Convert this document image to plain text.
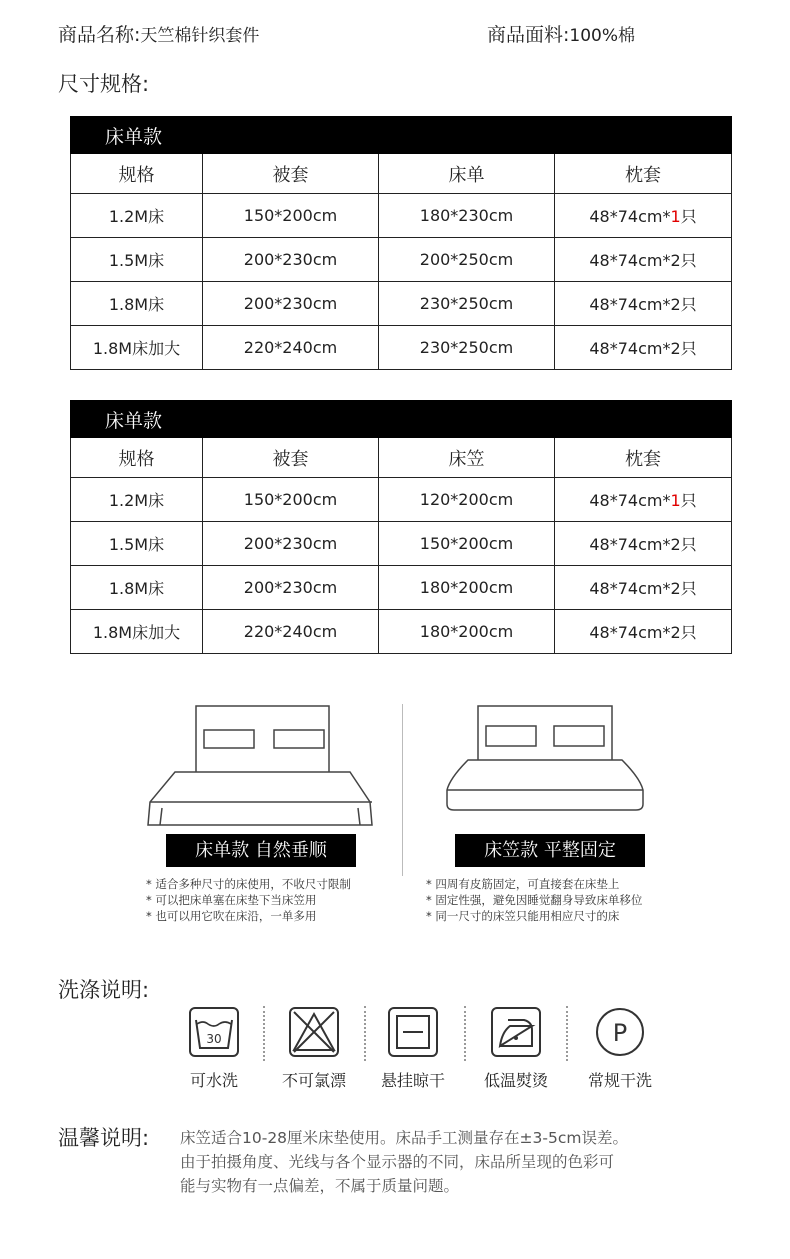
商品名称:天竺棉针织套件	商品面料:100%棉
尺寸规格:
床单款			
规格	被套	床单	枕套
1.2M床	150*200cm	180*230cm	48*74cm*1只
1.5M床	200*230cm	200*250cm	48*74cm*2只
1.8M床	200*230cm	230*250cm	48*74cm*2只
1.8M床加大	220*240cm	230*250cm	48*74cm*2只
床单款			
规格	被套	床笠	枕套
1.2M床	150*200cm	120*200cm	48*74cm*1只
1.5M床	200*230cm	150*200cm	48*74cm*2只
1.8M床	200*230cm	180*200cm	48*74cm*2只
1.8M床加大	220*240cm	180*200cm	48*74cm*2只
床单款 自然垂顺	床笠款 平整固定
* 适合多种尺寸的床使用，不收尺寸限制
* 可以把床单塞在床垫下当床笠用
* 也可以用它吹在床沿，一单多用
* 四周有皮筋固定，可直接套在床垫上
* 固定性强，避免因睡觉翻身导致床单移位
* 同一尺寸的床笠只能用相应尺寸的床
洗涤说明:
30
可水洗	不可氯漂	悬挂晾干	低温熨烫
P
常规干洗
温馨说明: 床笠适合10-28厘米床垫使用。床品手工测量存在±3-5cm误差。
由于拍摄角度、光线与各个显示器的不同，床品所呈现的色彩可
能与实物有一点偏差，不属于质量问题。
